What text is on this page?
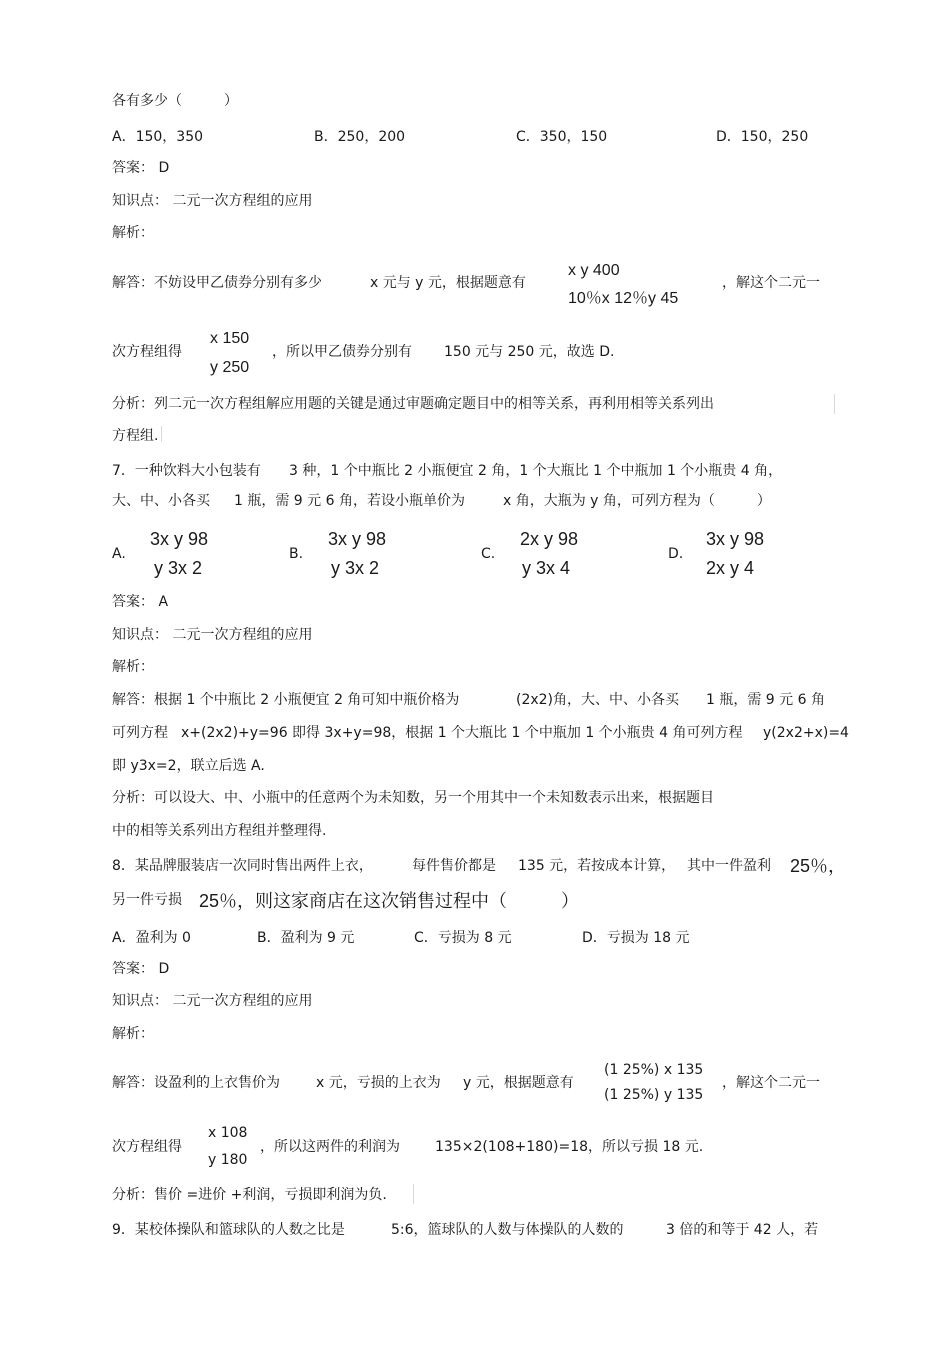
各有多少（　　　）
A．150，350	B．250，200	C．350，150	D．150，250
答案： D
知识点： 二元一次方程组的应用
解析：
解答：不妨设甲乙债券分别有多少	x 元与 y 元，根据题意有
x y 400
10％x 12％y 45
，解这个二元一
次方程组得
x 150
y 250
，所以甲乙债券分别有 150 元与 250 元，故选 D.
分析：列二元一次方程组解应用题的关键是通过审题确定题目中的相等关系，再利用相等关系列出
方程组.
7．一种饮料大小包装有 3 种，1 个中瓶比 2 小瓶便宜 2 角，1 个大瓶比 1 个中瓶加 1 个小瓶贵 4 角，
大、中、小各买 1 瓶，需 9 元 6 角，若设小瓶单价为	x 角，大瓶为 y 角，可列方程为（　　　）
A.
3x y 98
y 3x 2
B.
3x y 98
y 3x 2
C.
2x y 98
y 3x 4
D.
3x y 98
2x y 4
答案： A
知识点： 二元一次方程组的应用
解析：
解答：根据 1 个中瓶比 2 小瓶便宜 2 角可知中瓶价格为	(2x2)角，大、中、小各买 1 瓶，需 9 元 6 角
可列方程 x+(2x2)+y=96 即得 3x+y=98，根据 1 个大瓶比 1 个中瓶加 1 个小瓶贵 4 角可列方程 y(2x2+x)=4
即 y3x=2，联立后选 A.
分析：可以设大、中、小瓶中的任意两个为未知数，另一个用其中一个未知数表示出来，根据题目
中的相等关系列出方程组并整理得.
8．某品牌服装店一次同时售出两件上衣，	每件售价都是 135 元，若按成本计算， 其中一件盈利 25％，
另一件亏损 25％，则这家商店在这次销售过程中（　　　）
A．盈利为 0	B．盈利为 9 元	C．亏损为 8 元	D．亏损为 18 元
答案： D
知识点： 二元一次方程组的应用
解析：
解答：设盈利的上衣售价为	x 元，亏损的上衣为 y 元，根据题意有
(1 25%) x 135
(1 25%) y 135
，解这个二元一
次方程组得
x 108
y 180
，所以这两件的利润为	135×2(108+180)=18，所以亏损 18 元.
分析：售价 =进价 +利润，亏损即利润为负.
9．某校体操队和篮球队的人数之比是	5:6，篮球队的人数与体操队的人数的	3 倍的和等于 42 人，若
